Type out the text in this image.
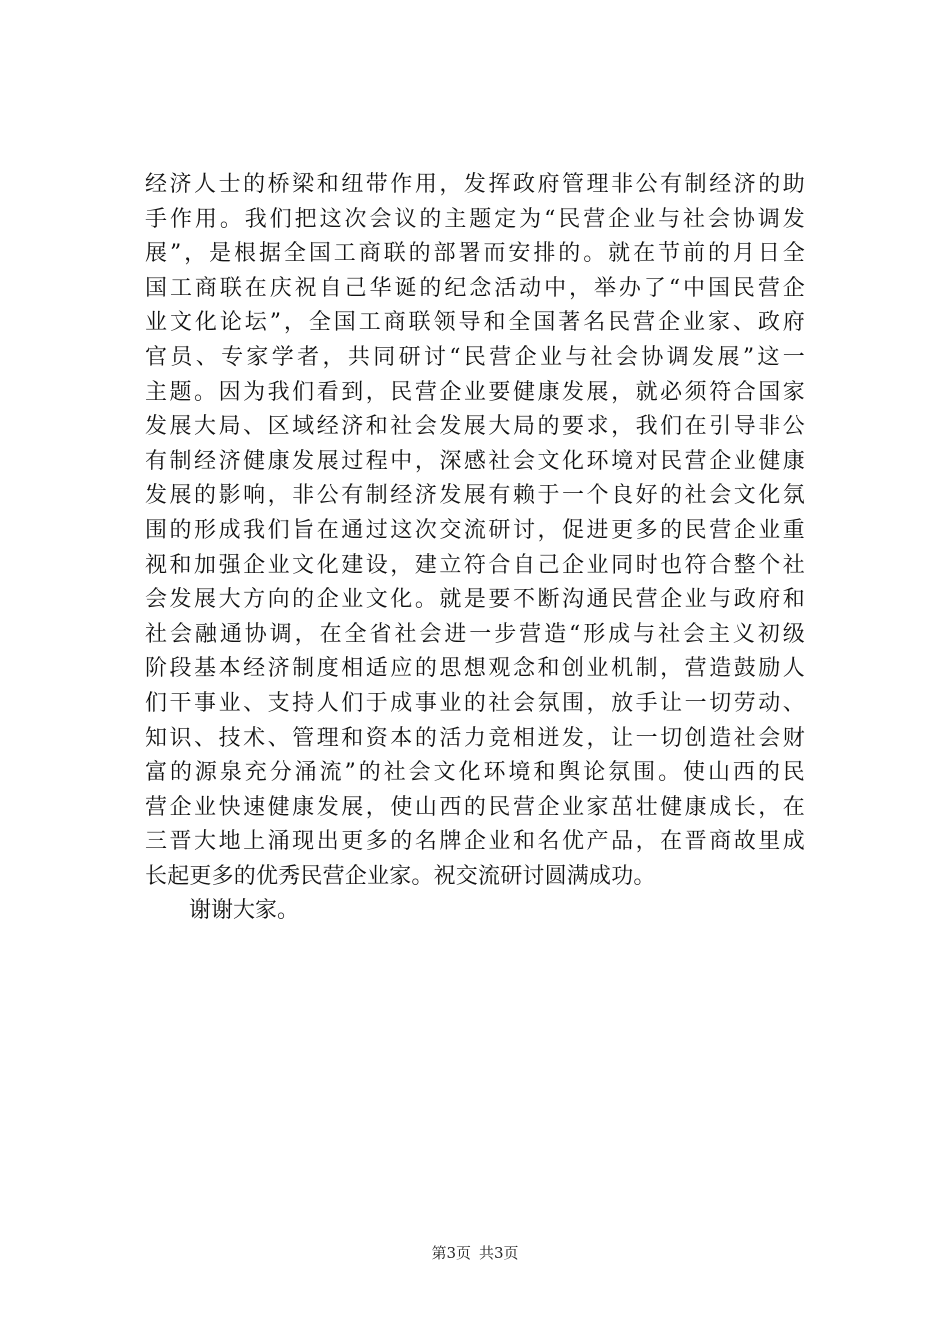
经济人士的桥梁和纽带作用，发挥政府管理非公有制经济的助
手作用。我们把这次会议的主题定为“民营企业与社会协调发
展”，是根据全国工商联的部署而安排的。就在节前的月日全
国工商联在庆祝自己华诞的纪念活动中，举办了“中国民营企
业文化论坛”，全国工商联领导和全国著名民营企业家、政府
官员、专家学者，共同研讨“民营企业与社会协调发展”这一
主题。因为我们看到，民营企业要健康发展，就必须符合国家
发展大局、区域经济和社会发展大局的要求，我们在引导非公
有制经济健康发展过程中，深感社会文化环境对民营企业健康
发展的影响，非公有制经济发展有赖于一个良好的社会文化氛
围的形成我们旨在通过这次交流研讨，促进更多的民营企业重
视和加强企业文化建设，建立符合自己企业同时也符合整个社
会发展大方向的企业文化。就是要不断沟通民营企业与政府和
社会融通协调，在全省社会进一步营造“形成与社会主义初级
阶段基本经济制度相适应的思想观念和创业机制，营造鼓励人
们干事业、支持人们于成事业的社会氛围，放手让一切劳动、
知识、技术、管理和资本的活力竞相迸发，让一切创造社会财
富的源泉充分涌流”的社会文化环境和舆论氛围。使山西的民
营企业快速健康发展，使山西的民营企业家茁壮健康成长，在
三晋大地上涌现出更多的名牌企业和名优产品，在晋商故里成
长起更多的优秀民营企业家。祝交流研讨圆满成功。
谢谢大家。
第3页 共3页
